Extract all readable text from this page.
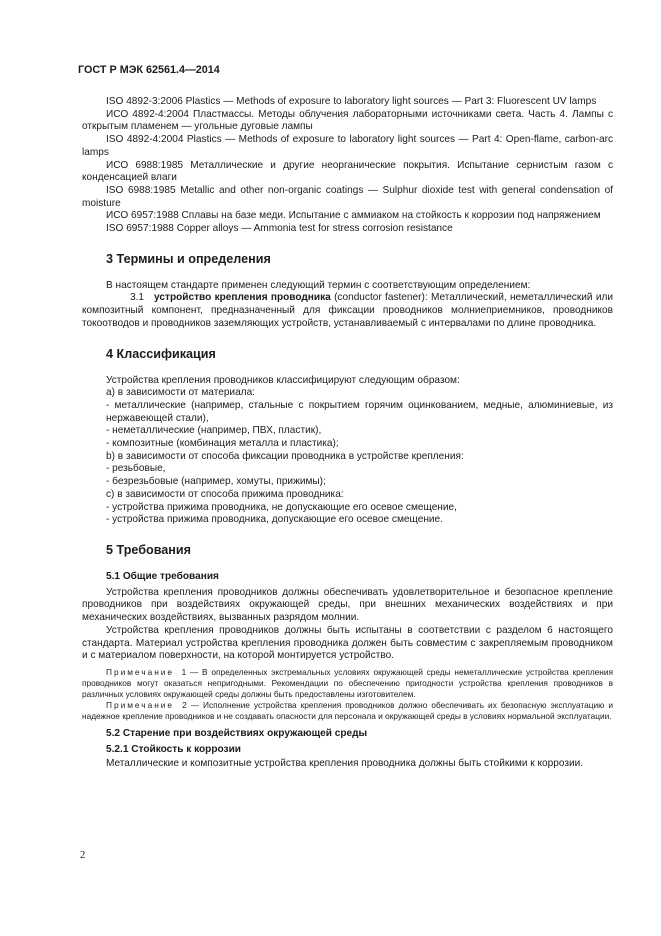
ГОСТ Р МЭК 62561.4—2014

ISO 4892-3:2006 Plastics — Methods of exposure to laboratory light sources — Part 3: Fluorescent UV lamps

ИСО 4892-4:2004 Пластмассы. Методы облучения лабораторными источниками света. Часть 4. Лампы с открытым пламенем — угольные дуговые лампы

ISO 4892-4:2004 Plastics — Methods of exposure to laboratory light sources — Part 4: Open-flame, carbon-arc lamps

ИСО 6988:1985 Металлические и другие неорганические покрытия. Испытание сернистым газом с конденсацией влаги

ISO 6988:1985 Metallic and other non-organic coatings — Sulphur dioxide test with general condensation of moisture

ИСО 6957:1988 Сплавы на базе меди. Испытание с аммиаком на стойкость к коррозии под напряжением

ISO 6957:1988 Copper alloys — Ammonia test for stress corrosion resistance

3 Термины и определения

В настоящем стандарте применен следующий термин с соответствующим определением:

3.1 устройство крепления проводника (conductor fastener): Металлический, неметаллический или композитный компонент, предназначенный для фиксации проводников молниеприемников, проводников токоотводов и проводников заземляющих устройств, устанавливаемый с интервалами по длине проводника.

4 Классификация

Устройства крепления проводников классифицируют следующим образом:

а) в зависимости от материала:

- металлические (например, стальные с покрытием горячим оцинкованием, медные, алюминиевые, из нержавеющей стали),

- неметаллические (например, ПВХ, пластик),

- композитные (комбинация металла и пластика);

b) в зависимости от способа фиксации проводника в устройстве крепления:

- резьбовые,

- безрезьбовые (например, хомуты, прижимы);

c) в зависимости от способа прижима проводника:

- устройства прижима проводника, не допускающие его осевое смещение,

- устройства прижима проводника, допускающие его осевое смещение.

5 Требования
5.1 Общие требования

Устройства крепления проводников должны обеспечивать удовлетворительное и безопасное крепление проводников при воздействиях окружающей среды, при внешних механических воздействиях и при механических воздействиях, вызванных разрядом молнии.

Устройства крепления проводников должны быть испытаны в соответствии с разделом 6 настоящего стандарта. Материал устройства крепления проводника должен быть совместим с закрепляемым проводником и с материалом поверхности, на которой монтируется устройство.

Примечание 1 — В определенных экстремальных условиях окружающей среды неметаллические устройства крепления проводников могут оказаться непригодными. Рекомендации по обеспечению пригодности устройства крепления проводников в различных условиях окружающей среды должны быть предоставлены изготовителем.

Примечание 2 — Исполнение устройства крепления проводников должно обеспечивать их безопасную эксплуатацию и надежное крепление проводников и не создавать опасности для персонала и окружающей среды в условиях нормальной эксплуатации.

5.2 Старение при воздействиях окружающей среды
5.2.1 Стойкость к коррозии

Металлические и композитные устройства крепления проводника должны быть стойкими к коррозии.

2
